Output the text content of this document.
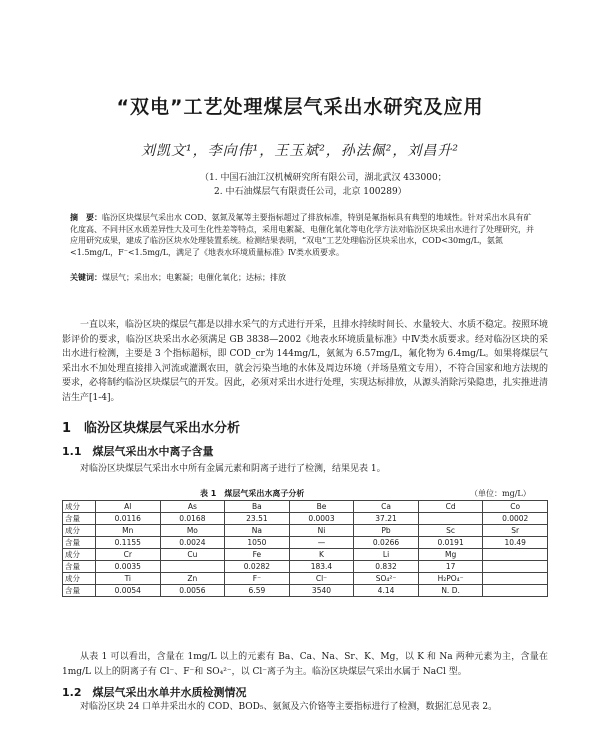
“双电”工艺处理煤层气采出水研究及应用
刘凯文¹，李向伟¹，王玉斌²，孙法佩²，刘昌升²
（1. 中国石油江汉机械研究所有限公司，湖北武汉 433000；
2. 中石油煤层气有限责任公司，北京 100289）
摘　要：临汾区块煤层气采出水 COD、氨氮及氟等主要指标超过了排放标准，特别是氟指标具有典型的地域性。针对采出水具有矿化度高、不同井区水质差异性大及可生化性差等特点，采用电絮凝、电催化氧化等电化学方法对临汾区块采出水进行了处理研究，并应用研究成果，建成了临汾区块水处理装置系统。检测结果表明，“双电”工艺处理临汾区块采出水，COD<30mg/L，氨氮<1.5mg/L，F⁻<1.5mg/L，满足了《地表水环境质量标准》Ⅳ类水质要求。
关键词：煤层气；采出水；电絮凝；电催化氧化；达标；排放
一直以来，临汾区块的煤层气都是以排水采气的方式进行开采，且排水持续时间长、水量较大、水质不稳定。按照环境影评价的要求，临汾区块采出水必须满足 GB 3838—2002《地表水环境质量标准》中Ⅳ类水质要求。经对临汾区块的采出水进行检测，主要是 3 个指标超标，即 COD_cr为 144mg/L，氨氮为 6.57mg/L，氟化物为 6.4mg/L。如果将煤层气采出水不加处理直接排入河流或灌溉农田，就会污染当地的水体及周边环境（并场垦殖文专用），不符合国家和地方法规的要求，必将制约临汾区块煤层气的开发。因此，必须对采出水进行处理，实现达标排放，从源头消除污染隐患，扎实推进清洁生产[1-4]。
1　临汾区块煤层气采出水分析
1.1　煤层气采出水中离子含量
对临汾区块煤层气采出水中所有金属元素和阴离子进行了检测，结果见表 1。
表 1　煤层气采出水离子分析	（单位：mg/L）
成分	Al	As	Ba	Be	Ca	Cd	Co
含量	0.0116	0.0168	23.51	0.0003	37.21		0.0002
成分	Mn	Mo	Na	Ni	Pb	Sc	Sr
含量	0.1155	0.0024	1050	—	0.0266	0.0191	10.49
成分	Cr	Cu	Fe	K	Li	Mg	
含量	0.0035		0.0282	183.4	0.832	17	
成分	Ti	Zn	F⁻	Cl⁻	SO₄²⁻	H₂PO₄⁻	
含量	0.0054	0.0056	6.59	3540	4.14	N. D.	
从表 1 可以看出，含量在 1mg/L 以上的元素有 Ba、Ca、Na、Sr、K、Mg，以 K 和 Na 两种元素为主，含量在 1mg/L 以上的阴离子有 Cl⁻、F⁻和 SO₄²⁻，以 Cl⁻离子为主。临汾区块煤层气采出水属于 NaCl 型。
1.2　煤层气采出水单井水质检测情况
对临汾区块 24 口单井采出水的 COD、BOD₅、氨氮及六价铬等主要指标进行了检测，数据汇总见表 2。
